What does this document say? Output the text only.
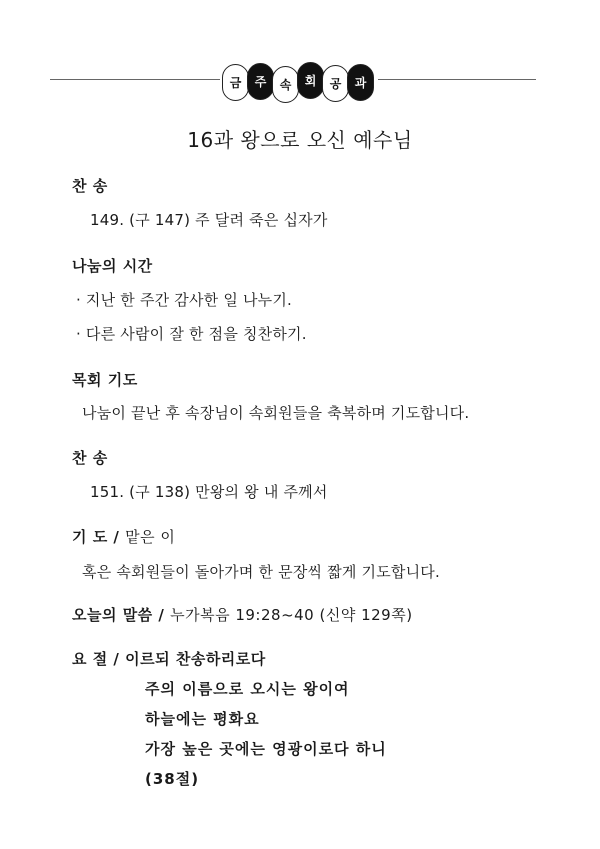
금	주	속	회	공	과
16과 왕으로 오신 예수님
찬 송
149. (구 147) 주 달려 죽은 십자가
나눔의 시간
· 지난 한 주간 감사한 일 나누기.
· 다른 사람이 잘 한 점을 칭찬하기.
목회 기도
나눔이 끝난 후 속장님이 속회원들을 축복하며 기도합니다.
찬 송
151. (구 138) 만왕의 왕 내 주께서
기 도 / 맡은 이
혹은 속회원들이 돌아가며 한 문장씩 짧게 기도합니다.
오늘의 말씀 / 누가복음 19:28~40 (신약 129쪽)
요 절 / 이르되 찬송하리로다
주의 이름으로 오시는 왕이여
하늘에는 평화요
가장 높은 곳에는 영광이로다 하니
(38절)
